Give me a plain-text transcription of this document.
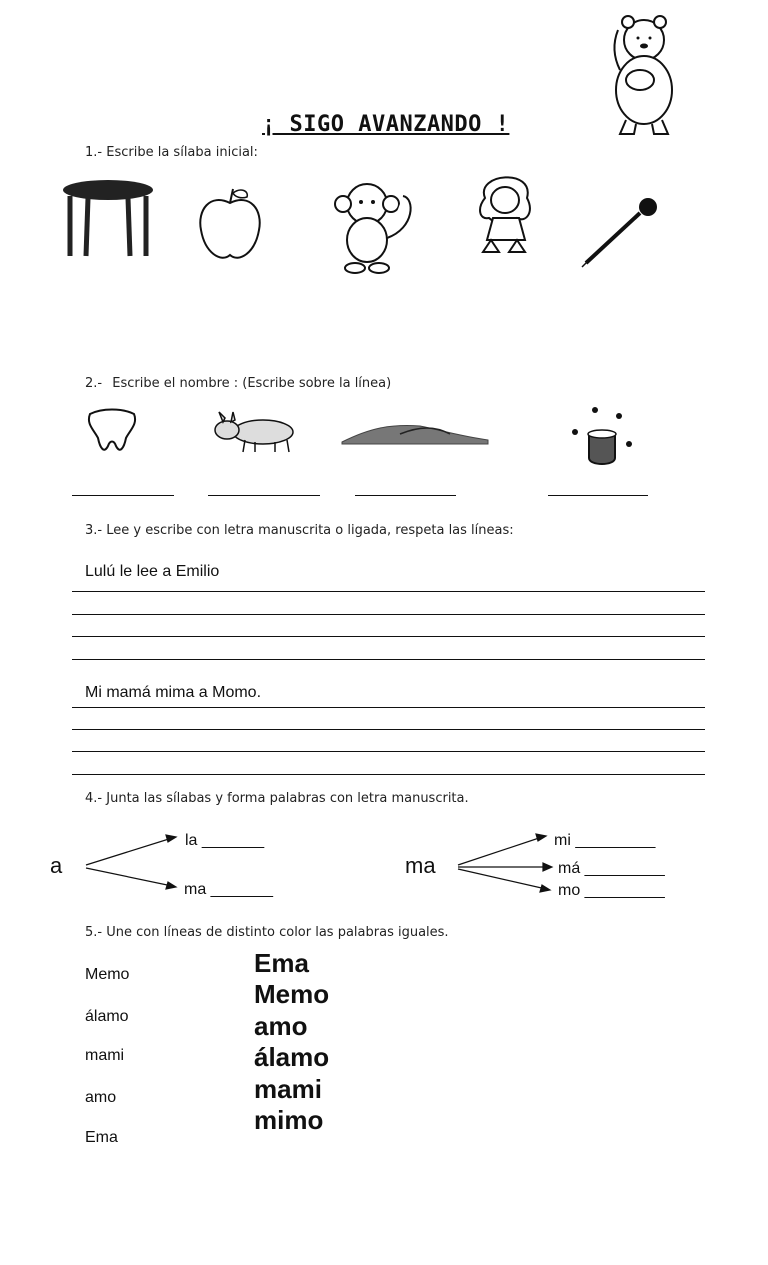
¡ SIGO AVANZANDO !
1.- Escribe la sílaba inicial:
2.- Escribe el nombre : (Escribe sobre la línea)
3.- Lee y escribe con letra manuscrita o ligada, respeta las líneas:
Lulú le lee a Emilio
Mi mamá mima a Momo.
4.- Junta las sílabas y forma palabras con letra manuscrita.
a
la _______
ma _______
ma
mi _________
má _________
mo _________
5.- Une con líneas de distinto color las palabras iguales.
Memo
álamo
mami
amo
Ema
Ema
Memo
amo
álamo
mami
mimo
